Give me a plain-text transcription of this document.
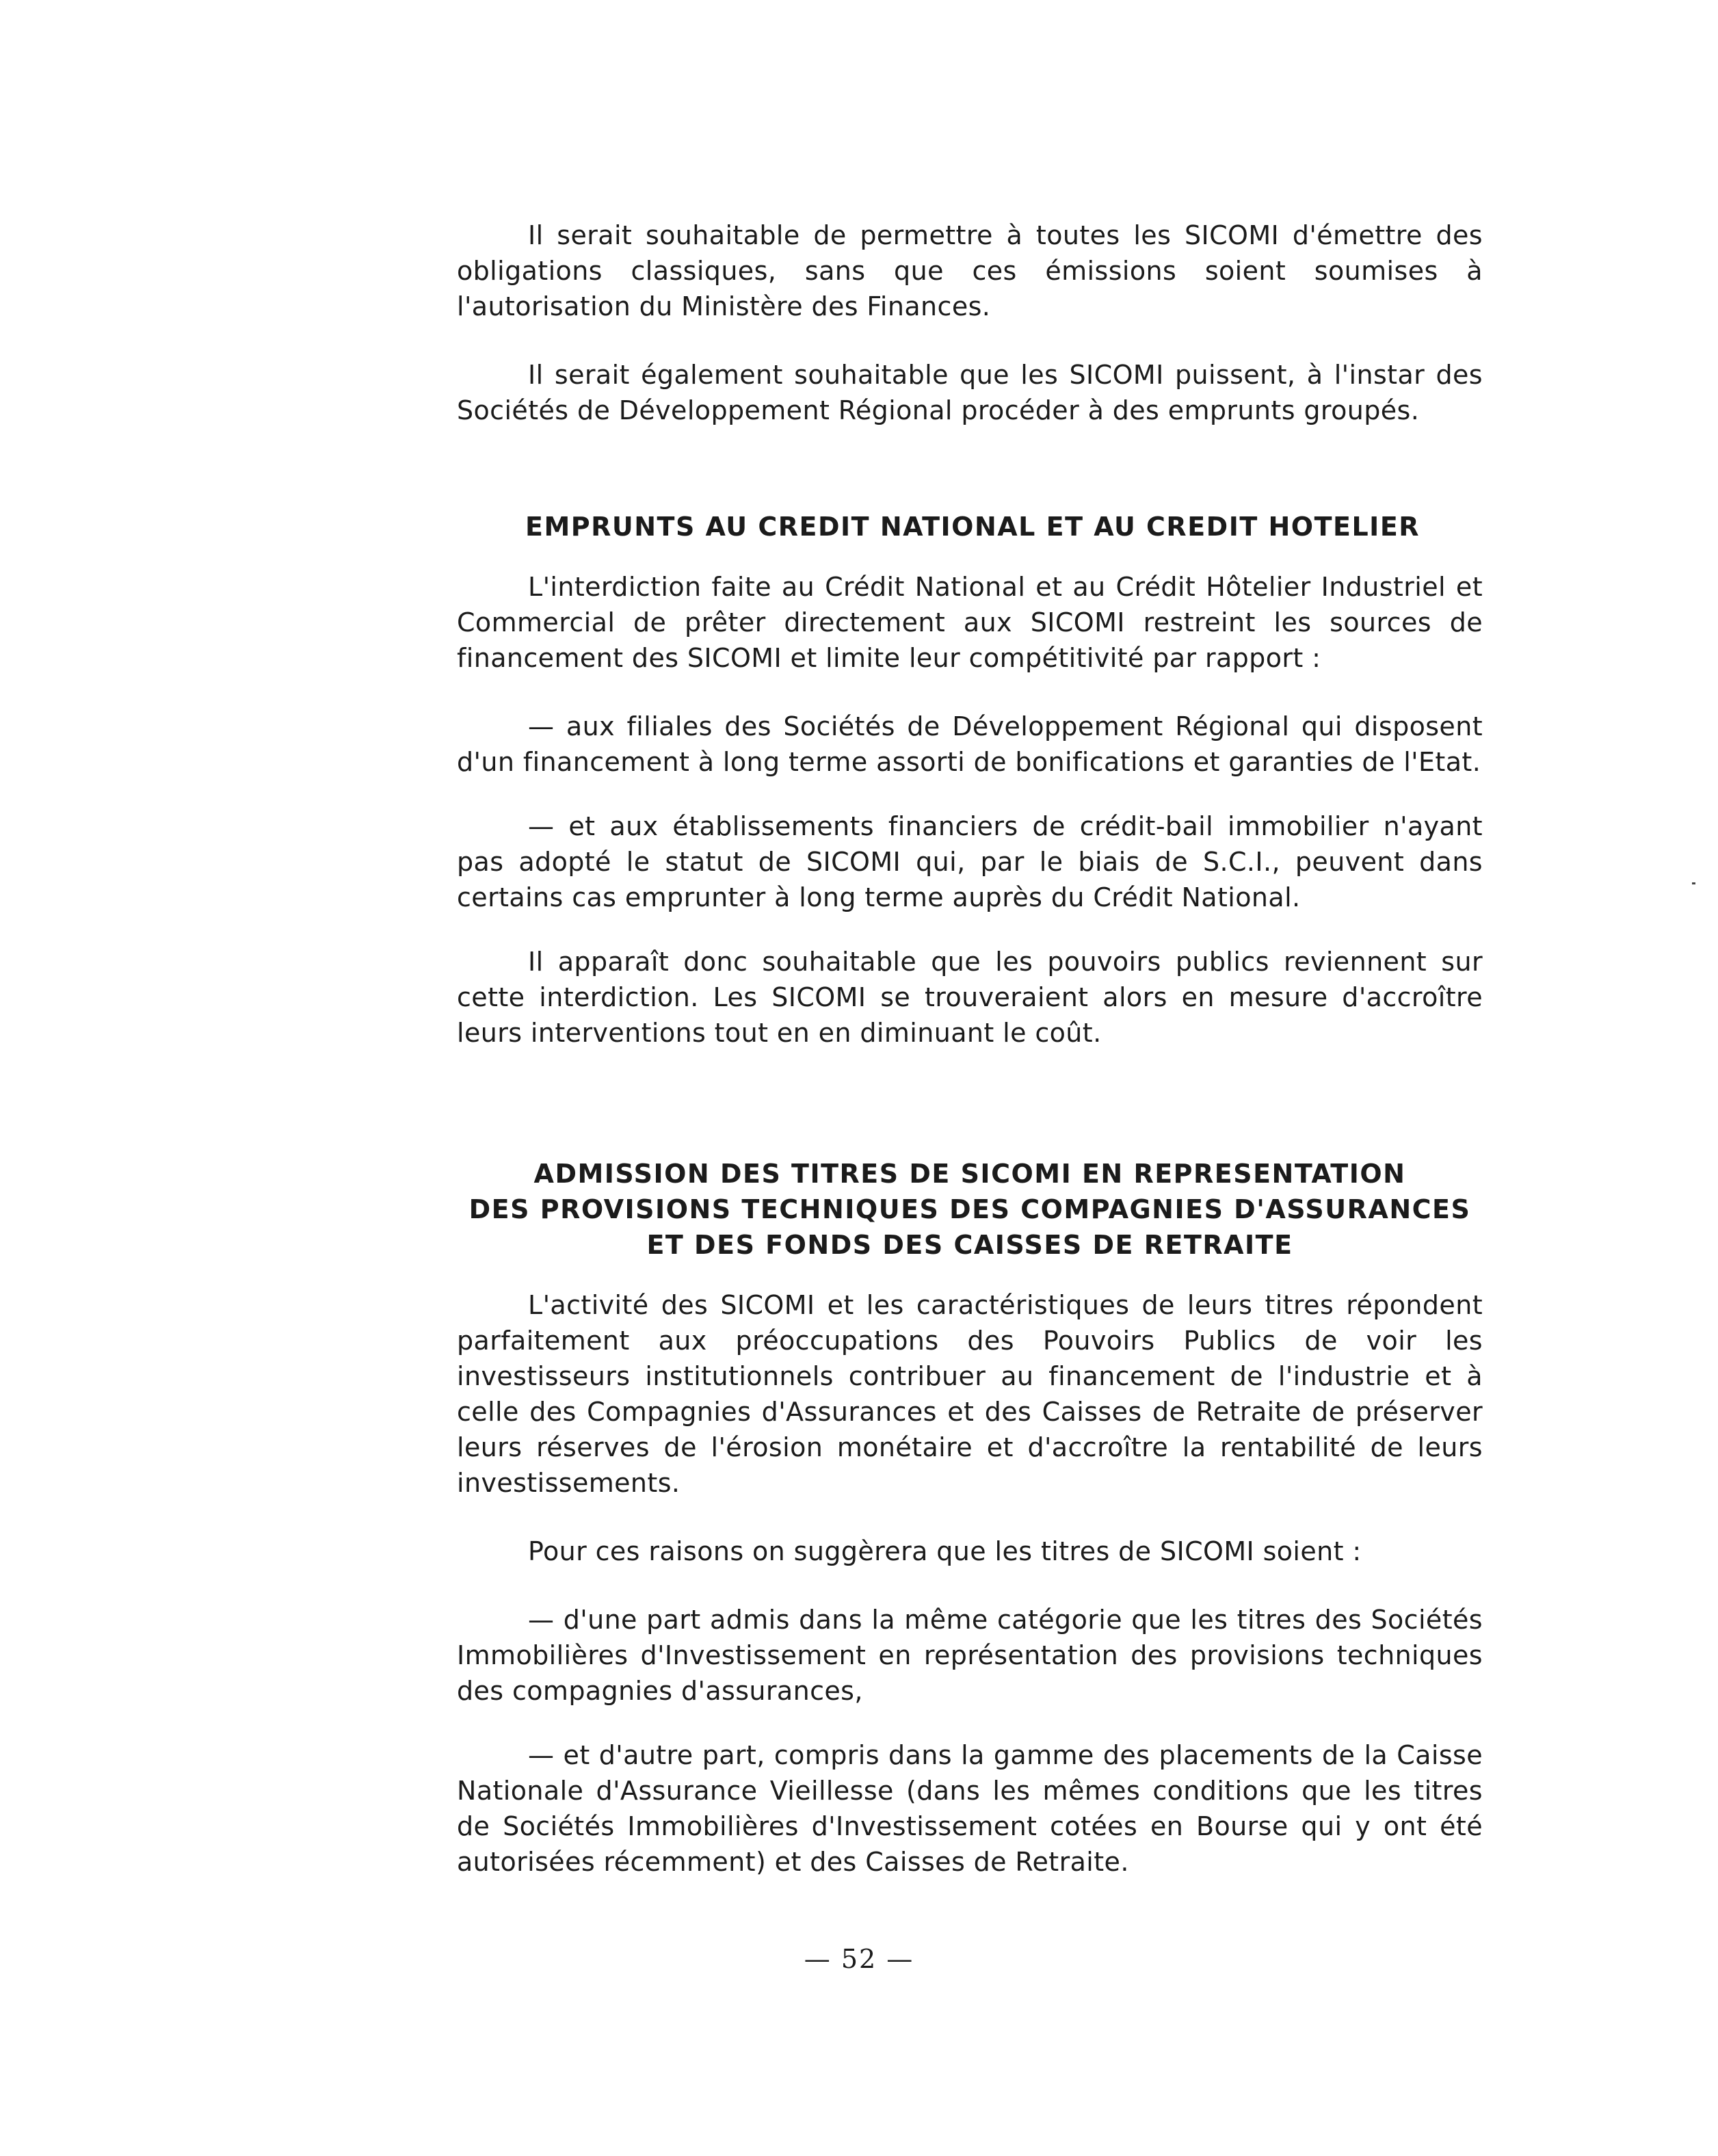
Il serait souhaitable de permettre à toutes les SICOMI d'émettre des obligations classiques, sans que ces émissions soient soumises à l'autorisation du Ministère des Finances.

Il serait également souhaitable que les SICOMI puissent, à l'instar des Sociétés de Développement Régional procéder à des emprunts groupés.

EMPRUNTS AU CREDIT NATIONAL ET AU CREDIT HOTELIER

L'interdiction faite au Crédit National et au Crédit Hôtelier Industriel et Commercial de prêter directement aux SICOMI restreint les sources de financement des SICOMI et limite leur compétitivité par rapport :

— aux filiales des Sociétés de Développement Régional qui disposent d'un financement à long terme assorti de bonifications et garanties de l'Etat.

— et aux établissements financiers de crédit-bail immobilier n'ayant pas adopté le statut de SICOMI qui, par le biais de S.C.I., peuvent dans certains cas emprunter à long terme auprès du Crédit National.

Il apparaît donc souhaitable que les pouvoirs publics reviennent sur cette interdiction. Les SICOMI se trouveraient alors en mesure d'accroître leurs interventions tout en en diminuant le coût.

ADMISSION DES TITRES DE SICOMI EN REPRESENTATION
DES PROVISIONS TECHNIQUES DES COMPAGNIES D'ASSURANCES
ET DES FONDS DES CAISSES DE RETRAITE

L'activité des SICOMI et les caractéristiques de leurs titres répondent parfaitement aux préoccupations des Pouvoirs Publics de voir les investisseurs institutionnels contribuer au financement de l'industrie et à celle des Compagnies d'Assurances et des Caisses de Retraite de préserver leurs réserves de l'érosion monétaire et d'accroître la rentabilité de leurs investissements.

Pour ces raisons on suggèrera que les titres de SICOMI soient :

— d'une part admis dans la même catégorie que les titres des Sociétés Immobilières d'Investissement en représentation des provisions techniques des compagnies d'assurances,

— et d'autre part, compris dans la gamme des placements de la Caisse Nationale d'Assurance Vieillesse (dans les mêmes conditions que les titres de Sociétés Immobilières d'Investissement cotées en Bourse qui y ont été autorisées récemment) et des Caisses de Retraite.

— 52 —
